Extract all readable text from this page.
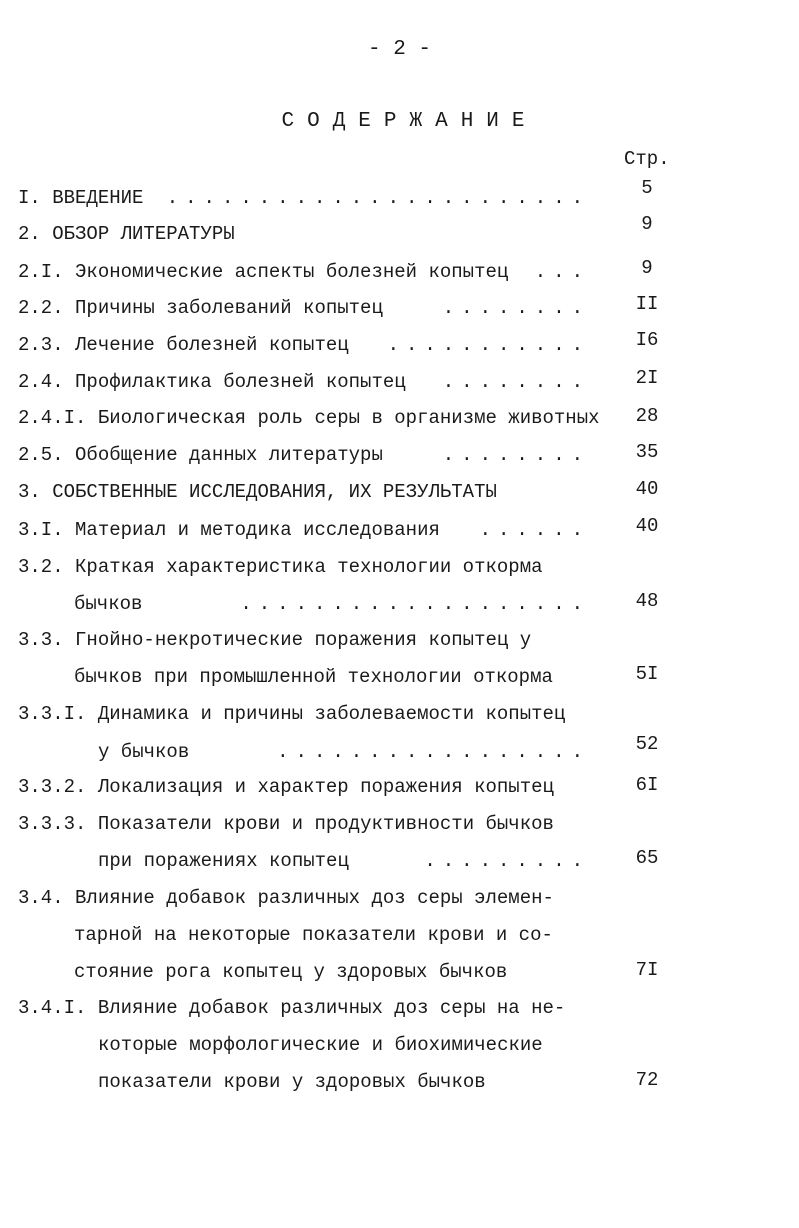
- 2 -
СОДЕРЖАНИЕ
Стр.
I. ВВЕДЕНИЕ	.......................	5
2. ОБЗОР ЛИТЕРАТУРЫ	9
2.I. Экономические аспекты болезней копытец	...	9
2.2. Причины заболеваний копытец	........ II
2.3. Лечение болезней копытец	........... I6
2.4. Профилактика болезней копытец	........ 2I
2.4.I. Биологическая роль серы в организме животных 28
2.5. Обобщение данных литературы	........ 35
3. СОБСТВЕННЫЕ ИССЛЕДОВАНИЯ, ИХ РЕЗУЛЬТАТЫ	40
3.I. Материал и методика исследования	...... 40
3.2. Краткая характеристика технологии откорма
бычков	................... 48
3.3. Гнойно-некротические поражения копытец у
бычков при промышленной технологии откорма	5I
3.3.I. Динамика и причины заболеваемости копытец
у бычков	................. 52
3.3.2. Локализация и характер поражения копытец	6I
3.3.3. Показатели крови и продуктивности бычков
при поражениях копытец	......... 65
3.4. Влияние добавок различных доз серы элемен-
тарной на некоторые показатели крови и со-
стояние рога копытец у здоровых бычков	7I
3.4.I. Влияние добавок различных доз серы на не-
которые морфологические и биохимические
показатели крови у здоровых бычков	72
